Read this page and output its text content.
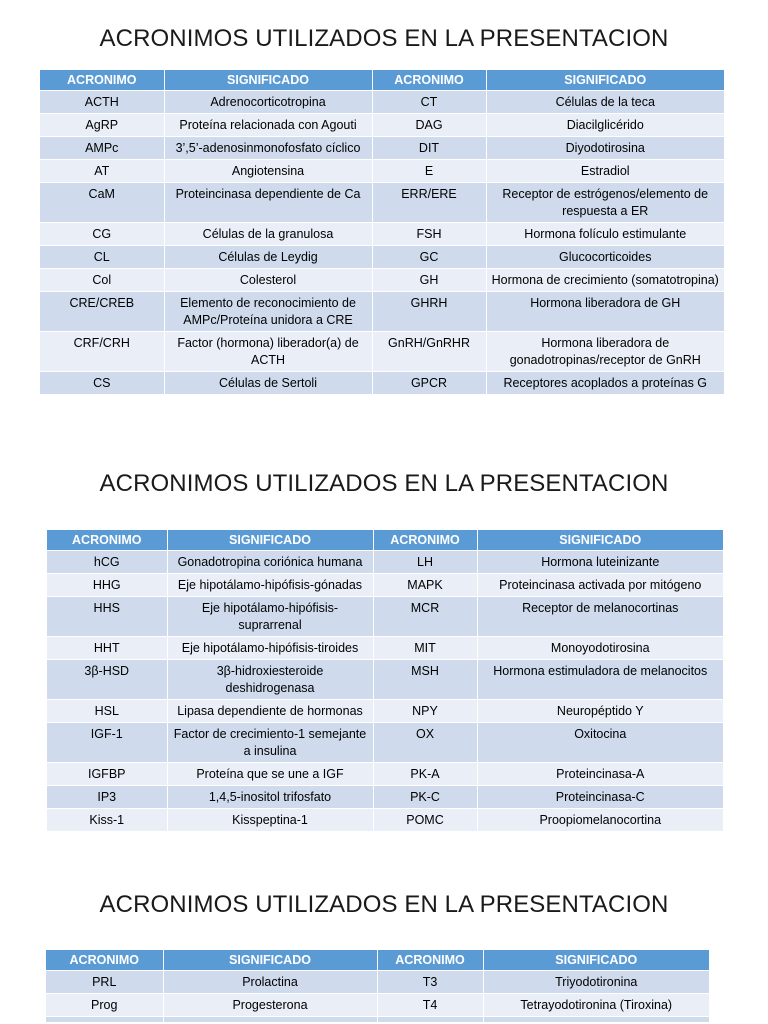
ACRONIMOS UTILIZADOS EN LA PRESENTACION
ACRONIMO	SIGNIFICADO	ACRONIMO	SIGNIFICADO
ACTH	Adrenocorticotropina	CT	Células de la teca
AgRP	Proteína relacionada con Agouti	DAG	Diacilglicérido
AMPc	3’,5’-adenosinmonofosfato cíclico	DIT	Diyodotirosina
AT	Angiotensina	E	Estradiol
CaM	Proteincinasa dependiente de Ca	ERR/ERE	Receptor de estrógenos/elemento de respuesta a ER
CG	Células de la granulosa	FSH	Hormona folículo estimulante
CL	Células de Leydig	GC	Glucocorticoides
Col	Colesterol	GH	Hormona de crecimiento (somatotropina)
CRE/CREB	Elemento de reconocimiento de AMPc/Proteína unidora a CRE	GHRH	Hormona liberadora de GH
CRF/CRH	Factor (hormona) liberador(a) de ACTH	GnRH/GnRHR	Hormona liberadora de gonadotropinas/receptor de GnRH
CS	Células de Sertoli	GPCR	Receptores acoplados a proteínas G
ACRONIMOS UTILIZADOS EN LA PRESENTACION
ACRONIMO	SIGNIFICADO	ACRONIMO	SIGNIFICADO
hCG	Gonadotropina coriónica humana	LH	Hormona luteinizante
HHG	Eje hipotálamo-hipófisis-gónadas	MAPK	Proteincinasa activada por mitógeno
HHS	Eje hipotálamo-hipófisis-suprarrenal	MCR	Receptor de melanocortinas
HHT	Eje hipotálamo-hipófisis-tiroides	MIT	Monoyodotirosina
3β-HSD	3β-hidroxiesteroide deshidrogenasa	MSH	Hormona estimuladora de melanocitos
HSL	Lipasa dependiente de hormonas	NPY	Neuropéptido Y
IGF-1	Factor de crecimiento-1 semejante a insulina	OX	Oxitocina
IGFBP	Proteína que se une a IGF	PK-A	Proteincinasa-A
IP3	1,4,5-inositol trifosfato	PK-C	Proteincinasa-C
Kiss-1	Kisspeptina-1	POMC	Proopiomelanocortina
ACRONIMOS UTILIZADOS EN LA PRESENTACION
ACRONIMO	SIGNIFICADO	ACRONIMO	SIGNIFICADO
PRL	Prolactina	T3	Triyodotironina
Prog	Progesterona	T4	Tetrayodotironina (Tiroxina)
